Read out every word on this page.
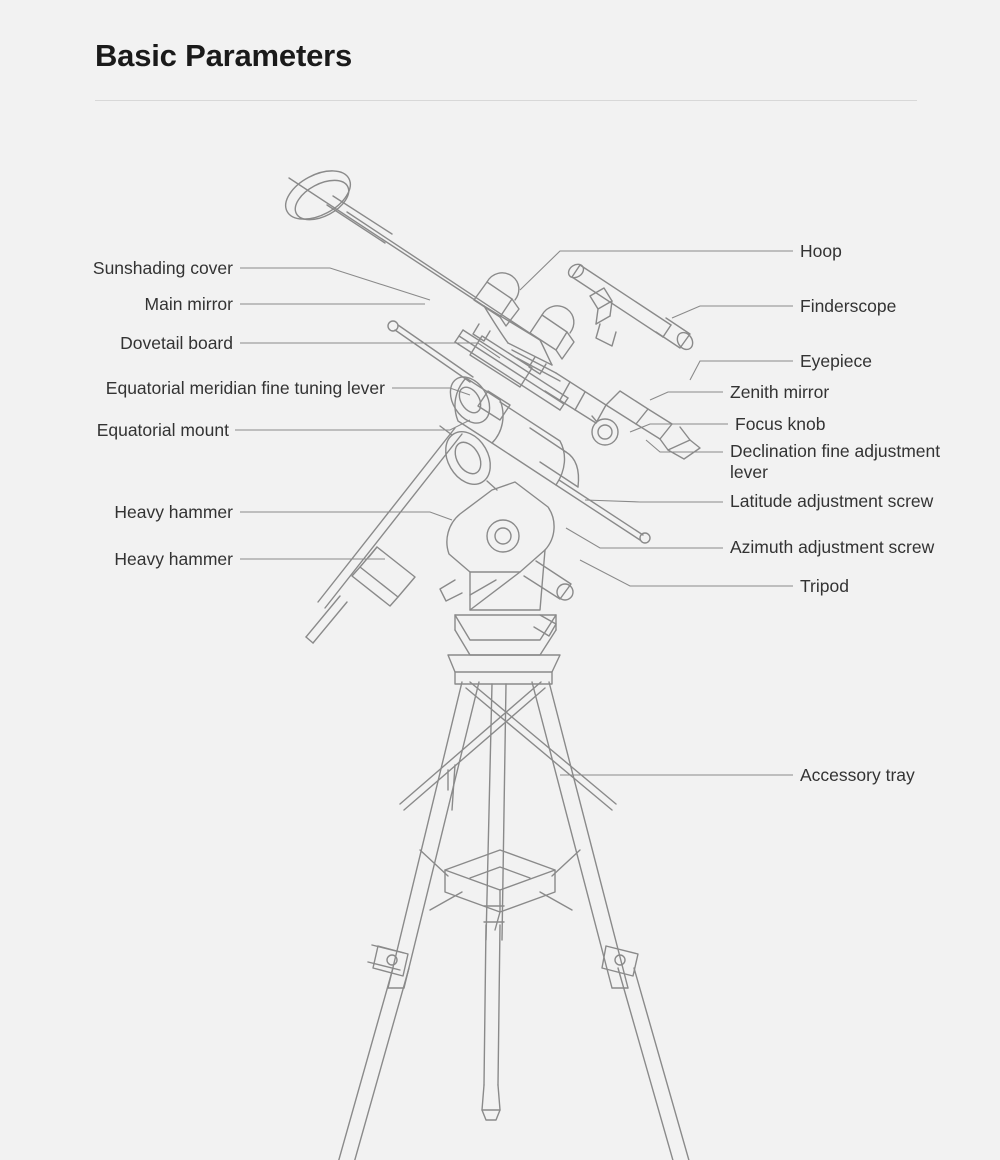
Basic Parameters
Sunshading cover
Main mirror
Dovetail board
Equatorial meridian fine tuning lever
Equatorial mount
Heavy hammer
Heavy hammer
Hoop
Finderscope
Eyepiece
Zenith mirror
Focus knob
Declination fine adjustment lever
Latitude adjustment screw
Azimuth adjustment screw
Tripod
Accessory tray
